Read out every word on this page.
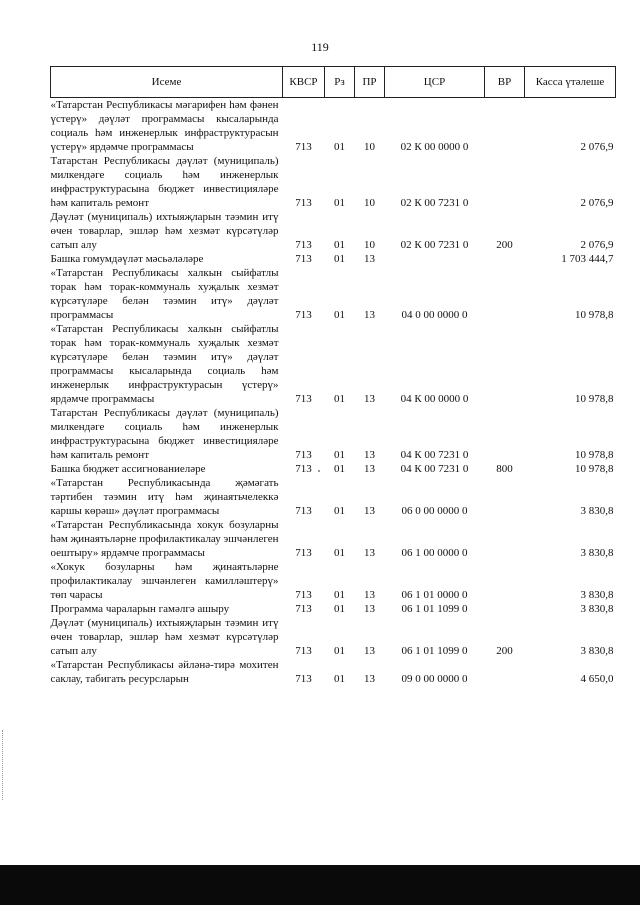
119
Исеме	КВСР	Рз	ПР	ЦСР	ВР	Касса үтәлеше
«Татарстан Республикасы мәгарифен һәм фәнен үстерү» дәүләт программасы кысаларында социаль һәм инженерлык инфраструктурасын үстерү» ярдәмче программасы	713	01	10	02 К 00 0000 0		2 076,9
Татарстан Республикасы дәүләт (муниципаль) милкендәге социаль һәм инженерлык инфраструктурасына бюджет инвестицияләре һәм капиталь ремонт	713	01	10	02 К 00 7231 0		2 076,9
Дәүләт (муниципаль) ихтыяҗларын тәэмин итү өчен товарлар, эшләр һәм хезмәт күрсәтүләр сатып алу	713	01	10	02 К 00 7231 0	200	2 076,9
Башка гомумдәүләт мәсьәләләре	713	01	13			1 703 444,7
«Татарстан Республикасы халкын сыйфатлы торак һәм торак-коммуналь хуҗалык хезмәт күрсәтүләре белән тәэмин итү» дәүләт программасы	713	01	13	04 0 00 0000 0		10 978,8
«Татарстан Республикасы халкын сыйфатлы торак һәм торак-коммуналь хуҗалык хезмәт күрсәтүләре белән тәэмин итү» дәүләт программасы кысаларында социаль һәм инженерлык инфраструктурасын үстерү» ярдәмче программасы	713	01	13	04 К 00 0000 0		10 978,8
Татарстан Республикасы дәүләт (муниципаль) милкендәге социаль һәм инженерлык инфраструктурасына бюджет инвестицияләре һәм капиталь ремонт	713	01	13	04 К 00 7231 0		10 978,8
Башка бюджет ассигнованиеләре	713	01	13	04 К 00 7231 0	800	10 978,8
«Татарстан Республикасында җәмәгать тәртибен тәэмин итү һәм җинаятьчелеккә каршы көрәш» дәүләт программасы	713	01	13	06 0 00 0000 0		3 830,8
«Татарстан Республикасында хокук бозуларны һәм җинаятьләрне профилактикалау эшчәнлеген оештыру» ярдәмче программасы	713	01	13	06 1 00 0000 0		3 830,8
«Хокук бозуларны һәм җинаятьләрне профилактикалау эшчәнлеген камилләштерү» төп чарасы	713	01	13	06 1 01 0000 0		3 830,8
Программа чараларын гамәлгә ашыру	713	01	13	06 1 01 1099 0		3 830,8
Дәүләт (муниципаль) ихтыяҗларын тәэмин итү өчен товарлар, эшләр һәм хезмәт күрсәтүләр сатып алу	713	01	13	06 1 01 1099 0	200	3 830,8
«Татарстан Республикасы әйләнә-тирә мохитен саклау, табигать ресурсларын	713	01	13	09 0 00 0000 0		4 650,0
